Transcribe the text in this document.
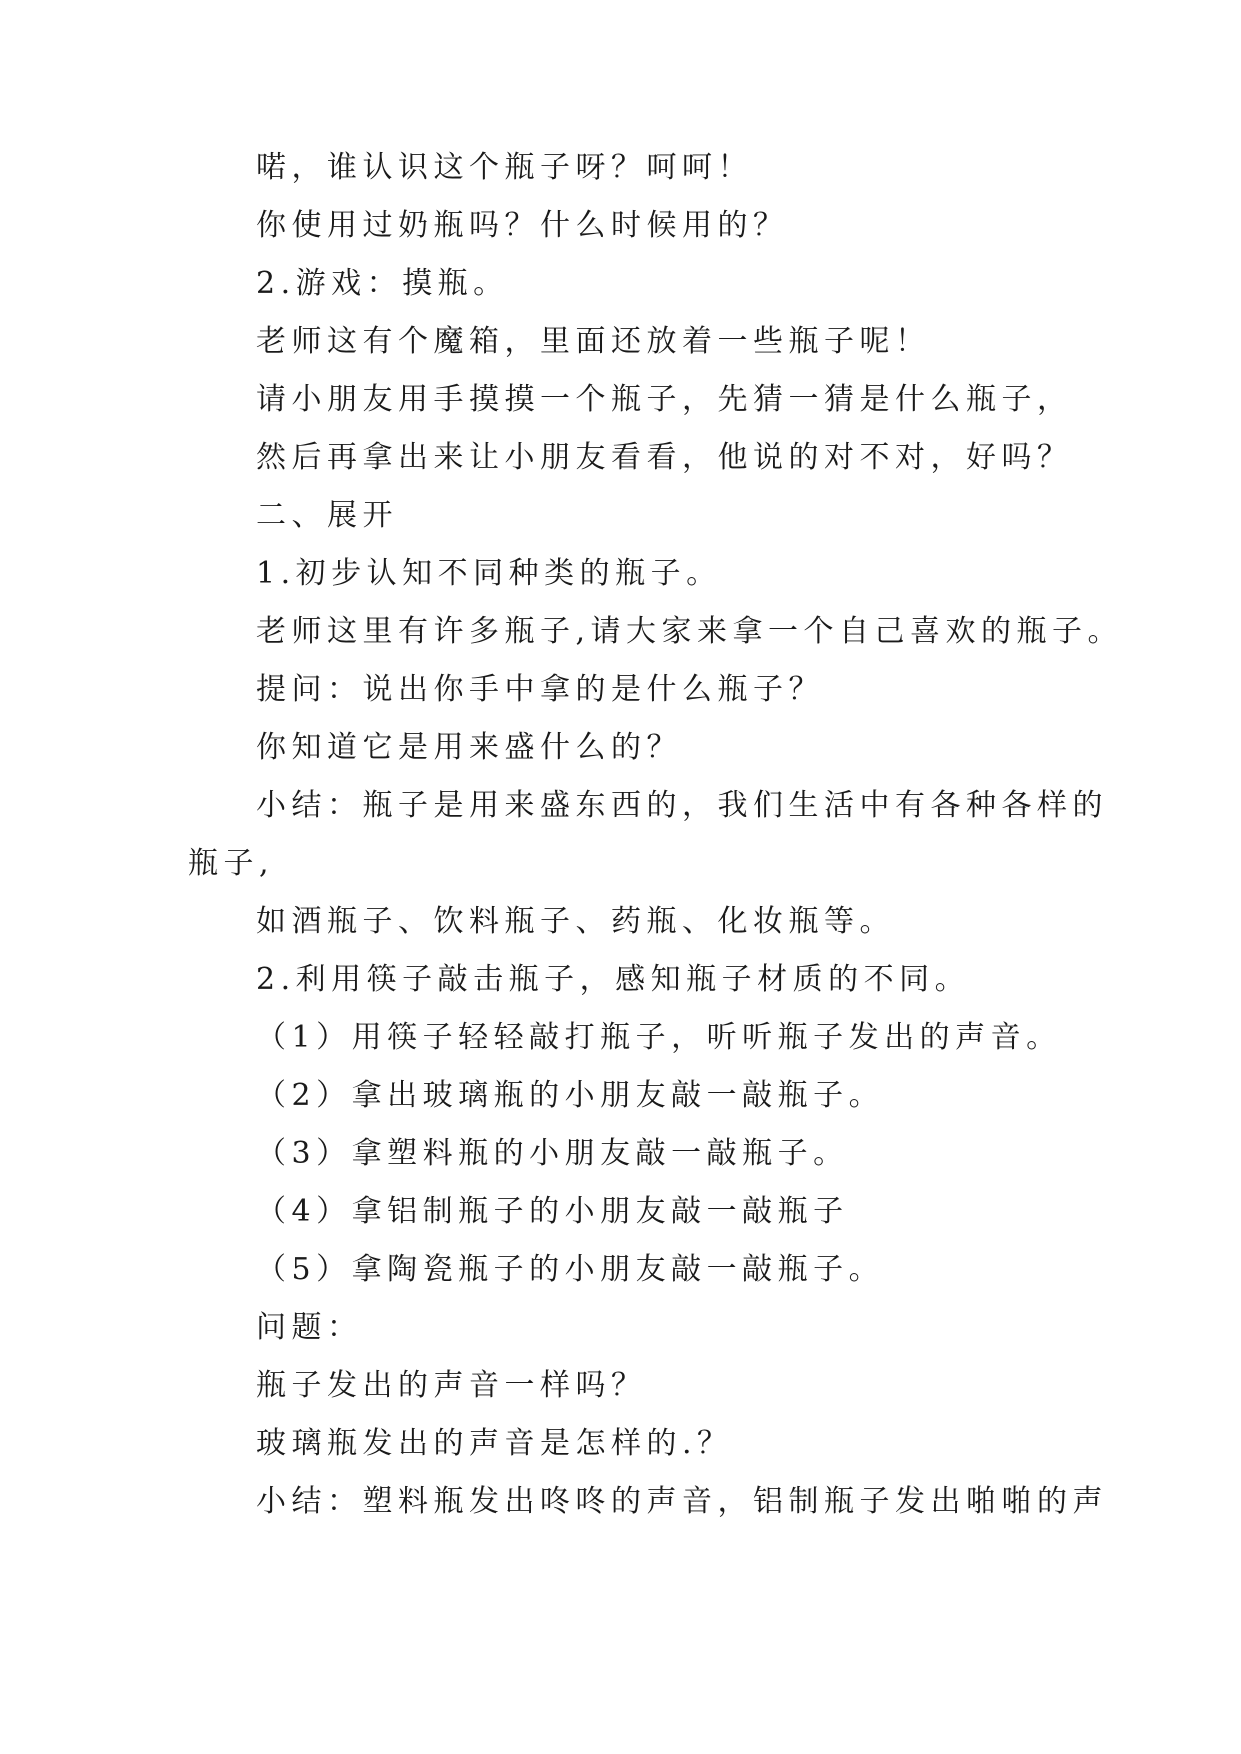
喏，谁认识这个瓶子呀？呵呵！
你使用过奶瓶吗？什么时候用的？
2.游戏：摸瓶。
老师这有个魔箱，里面还放着一些瓶子呢！
请小朋友用手摸摸一个瓶子，先猜一猜是什么瓶子，
然后再拿出来让小朋友看看，他说的对不对，好吗？
二、展开
1.初步认知不同种类的瓶子。
老师这里有许多瓶子,请大家来拿一个自己喜欢的瓶子。
提问：说出你手中拿的是什么瓶子？
你知道它是用来盛什么的？
小结：瓶子是用来盛东西的，我们生活中有各种各样的
瓶子,
如酒瓶子、饮料瓶子、药瓶、化妆瓶等。
2.利用筷子敲击瓶子，感知瓶子材质的不同。
（1）用筷子轻轻敲打瓶子，听听瓶子发出的声音。
（2）拿出玻璃瓶的小朋友敲一敲瓶子。
（3）拿塑料瓶的小朋友敲一敲瓶子。
（4）拿铝制瓶子的小朋友敲一敲瓶子
（5）拿陶瓷瓶子的小朋友敲一敲瓶子。
问题：
瓶子发出的声音一样吗？
玻璃瓶发出的声音是怎样的.？
小结：塑料瓶发出咚咚的声音，铝制瓶子发出啪啪的声
